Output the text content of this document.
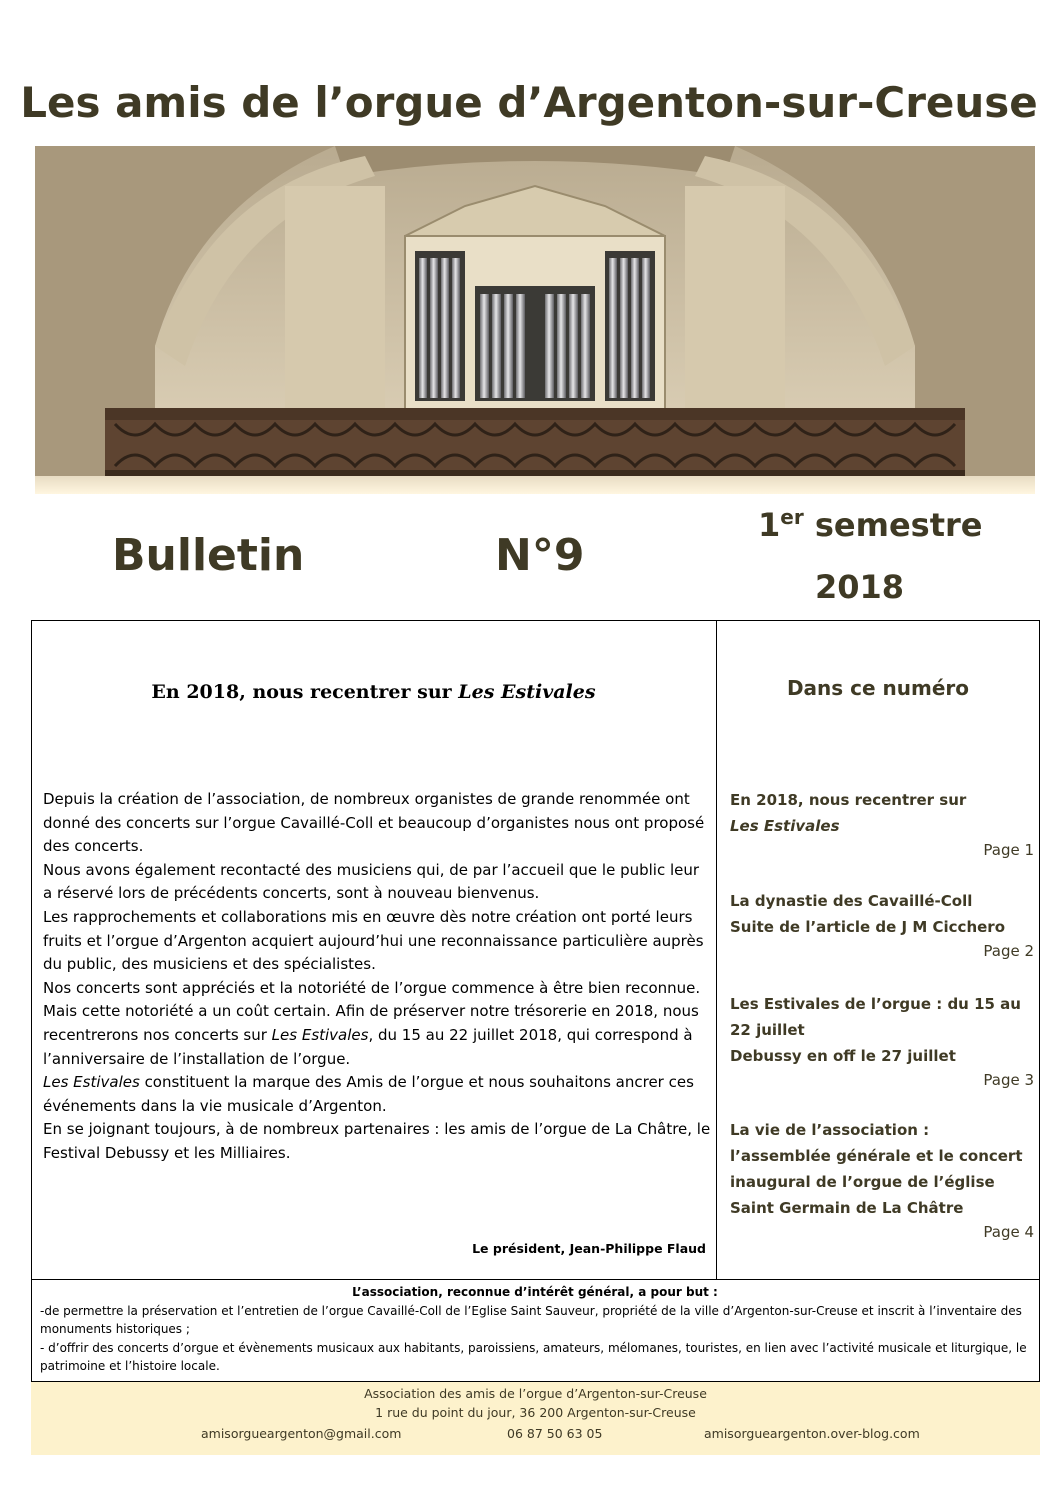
Les amis de l’orgue d’Argenton-sur-Creuse
Bulletin	N°9
1er semestre
2018
En 2018, nous recentrer sur Les Estivales

Depuis la création de l’association, de nombreux organistes de grande renommée ont donné des concerts sur l’orgue Cavaillé-Coll et beaucoup d’organistes nous ont proposé des concerts.

Nous avons également recontacté des musiciens qui, de par l’accueil que le public leur a réservé lors de précédents concerts, sont à nouveau bienvenus.

Les rapprochements et collaborations mis en œuvre dès notre création ont porté leurs fruits et l’orgue d’Argenton acquiert aujourd’hui une reconnaissance particulière auprès du public, des musiciens et des spécialistes.

Nos concerts sont appréciés et la notoriété de l’orgue commence à être bien reconnue.

Mais cette notoriété a un coût certain. Afin de préserver notre trésorerie en 2018, nous recentrerons nos concerts sur Les Estivales, du 15 au 22 juillet 2018, qui correspond à l’anniversaire de l’installation de l’orgue.

Les Estivales constituent la marque des Amis de l’orgue et nous souhaitons ancrer ces événements dans la vie musicale d’Argenton.

En se joignant toujours, à de nombreux partenaires : les amis de l’orgue de La Châtre, le Festival Debussy et les Milliaires.

Le président, Jean-Philippe Flaud
Dans ce numéro
En 2018, nous recentrer sur
Les Estivales
Page 1
La dynastie des Cavaillé-Coll
Suite de l’article de J M Cicchero
Page 2
Les Estivales de l’orgue : du 15 au
22 juillet
Debussy en off le 27 juillet
Page 3
La vie de l’association :
l’assemblée générale et le concert
inaugural de l’orgue de l’église
Saint Germain de La Châtre
Page 4

L’association, reconnue d’intérêt général, a pour but :

-de permettre la préservation et l’entretien de l’orgue Cavaillé-Coll de l’Eglise Saint Sauveur, propriété de la ville d’Argenton-sur-Creuse et inscrit à l’inventaire des monuments historiques ;

- d’offrir des concerts d’orgue et évènements musicaux aux habitants, paroissiens, amateurs, mélomanes, touristes, en lien avec l’activité musicale et liturgique, le patrimoine et l’histoire locale.

Association des amis de l’orgue d’Argenton-sur-Creuse
1 rue du point du jour, 36 200 Argenton-sur-Creuse
amisorgueargenton@gmail.com	06 87 50 63 05	amisorgueargenton.over-blog.com
